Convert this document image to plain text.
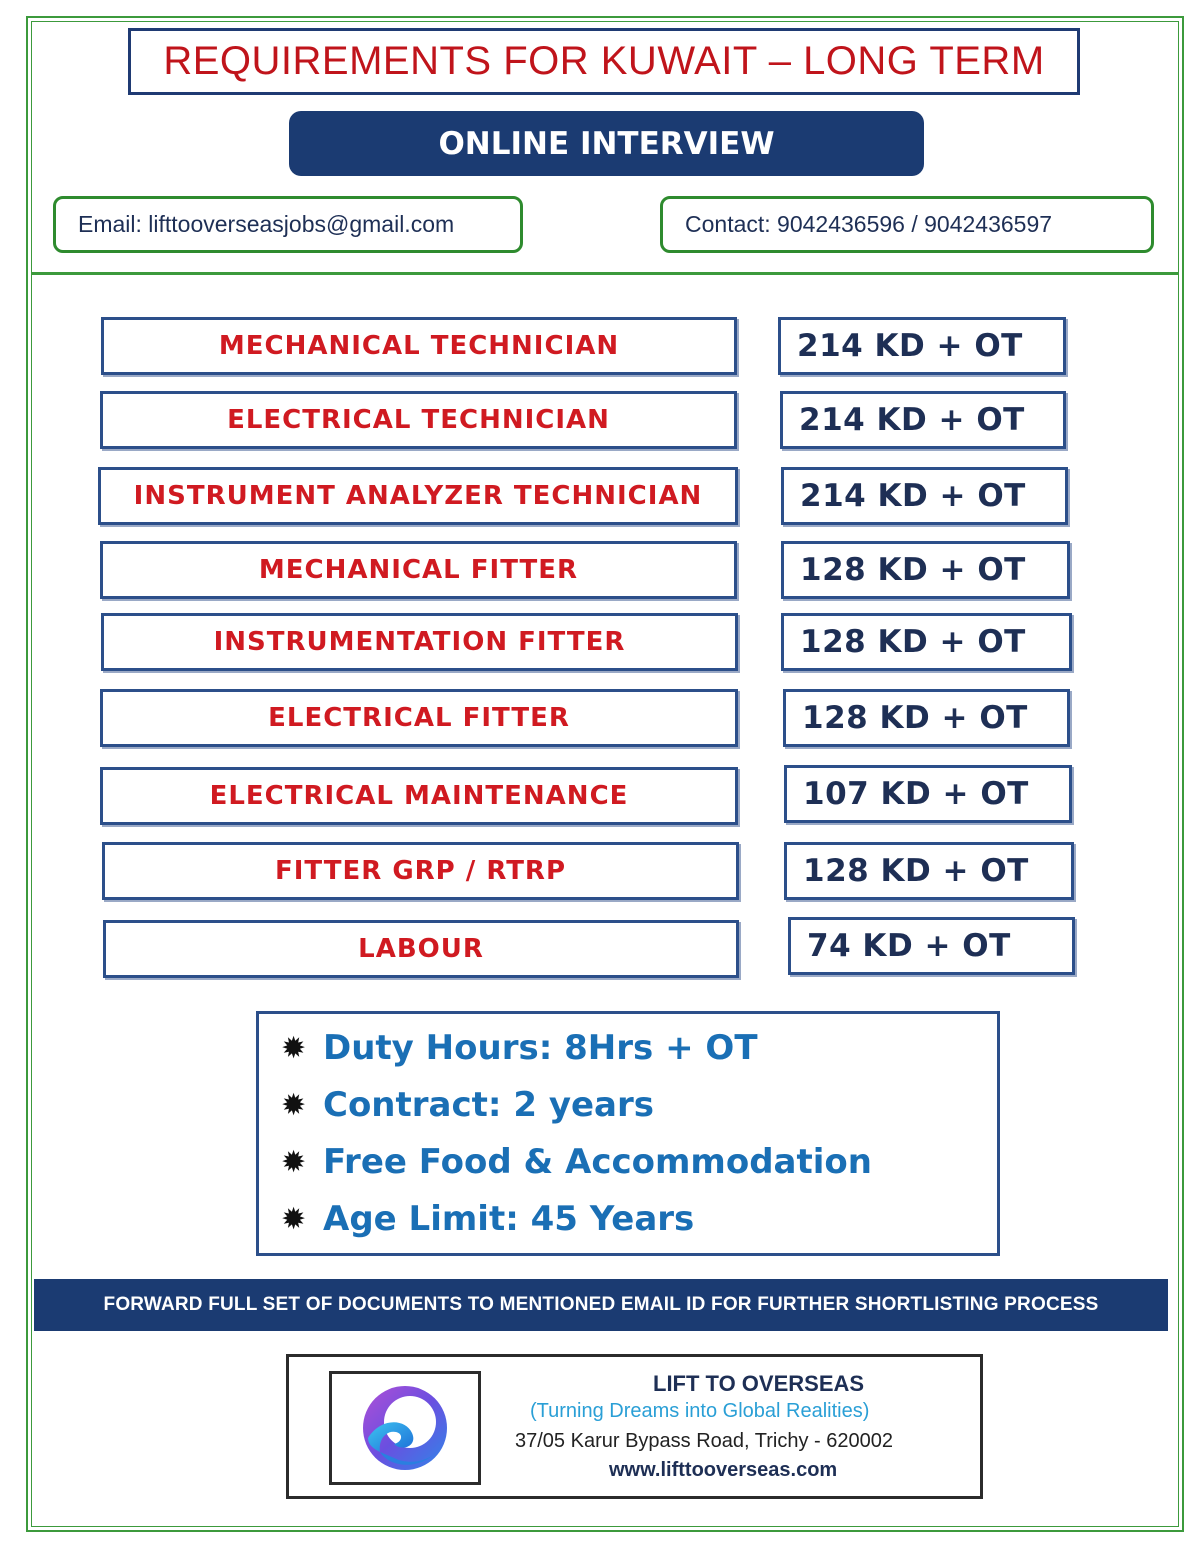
REQUIREMENTS FOR KUWAIT – LONG TERM
ONLINE INTERVIEW
Email: lifttooverseasjobs@gmail.com	Contact: 9042436596 / 9042436597
MECHANICAL TECHNICIAN	214 KD + OT
ELECTRICAL TECHNICIAN	214 KD + OT
INSTRUMENT ANALYZER TECHNICIAN	214 KD + OT
MECHANICAL FITTER	128 KD + OT
INSTRUMENTATION FITTER	128 KD + OT
ELECTRICAL FITTER	128 KD + OT
ELECTRICAL MAINTENANCE	107 KD + OT
FITTER GRP / RTRP	128 KD + OT
LABOUR	74 KD + OT
✹ Duty Hours: 8Hrs + OT
✹ Contract: 2 years
✹ Free Food & Accommodation
✹ Age Limit: 45 Years
FORWARD FULL SET OF DOCUMENTS TO MENTIONED EMAIL ID FOR FURTHER SHORTLISTING PROCESS
LIFT TO OVERSEAS
(Turning Dreams into Global Realities)
37/05 Karur Bypass Road, Trichy - 620002
www.lifttooverseas.com
